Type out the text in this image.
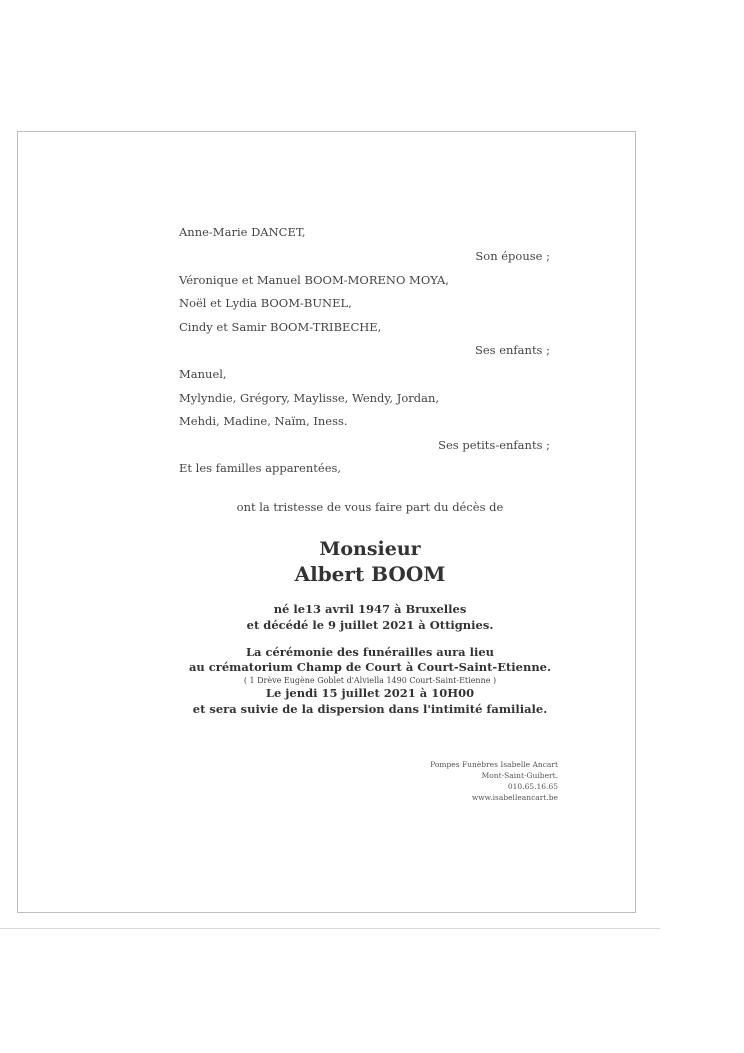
Anne-Marie DANCET,
Son épouse ;
Véronique et Manuel BOOM-MORENO MOYA,
Noël et Lydia BOOM-BUNEL,
Cindy et Samir BOOM-TRIBECHE,
Ses enfants ;
Manuel,
Mylyndie, Grégory, Maylisse, Wendy, Jordan,
Mehdi, Madine, Naïm, Iness.
Ses petits-enfants ;
Et les familles apparentées,
ont la tristesse de vous faire part du décès de
Monsieur
Albert BOOM
né le13 avril 1947 à Bruxelles
et décédé le 9 juillet 2021 à Ottignies.
La cérémonie des funérailles aura lieu
au crématorium Champ de Court à Court-Saint-Etienne.
( 1 Drève Eugène Goblet d'Alviella 1490 Court-Saint-Etienne )
Le jendi 15 juillet 2021 à 10H00
et sera suivie de la dispersion dans l'intimité familiale.
Pompes Funèbres Isabelle Ancart
Mont-Saint-Guibert.
010.65.16.65
www.isabelleancart.be
